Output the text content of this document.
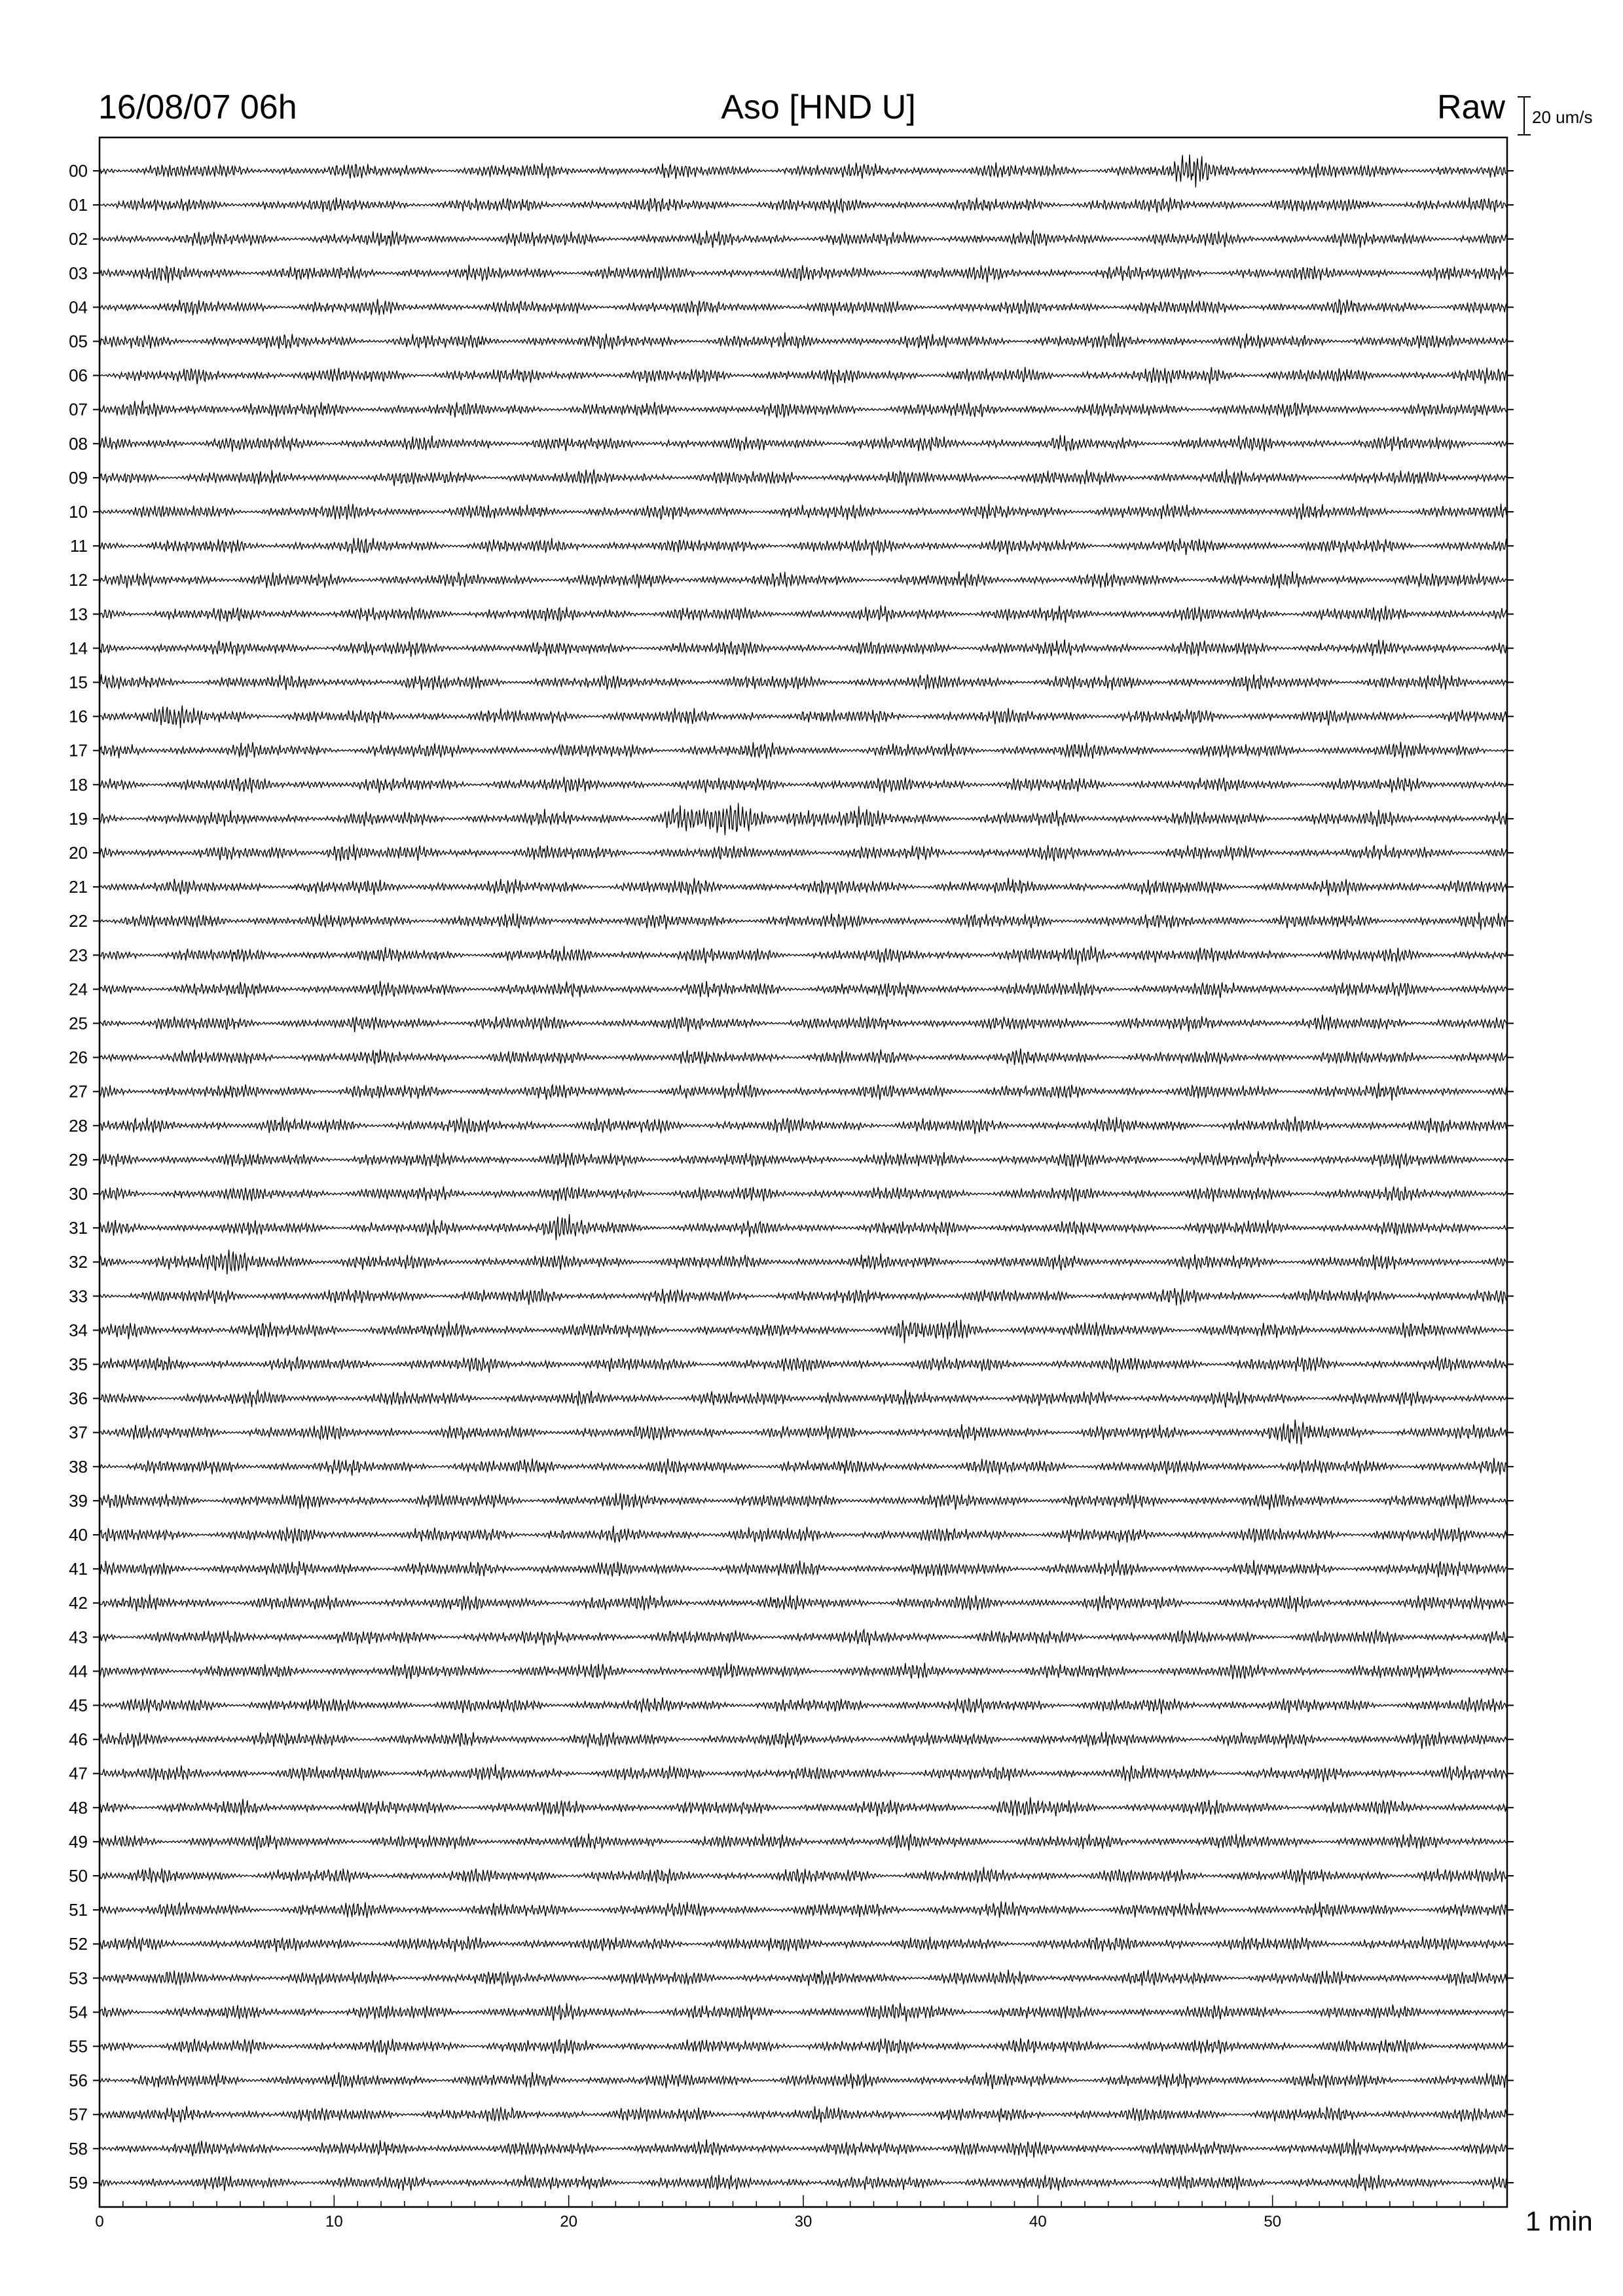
16/08/07 06h	Aso [HND U]	Raw 20 um/s
1 min
00
01
02
03
04
05
06
07
08
09
10
11
12
13
14
15
16
17
18
19
20
21
22
23
24
25
26
27
28
29
30
31
32
33
34
35
36
37
38
39
40
41
42
43
44
45
46
47
48
49
50
51
52
53
54
55
56
57
58
59
0	10	20	30	40	50
